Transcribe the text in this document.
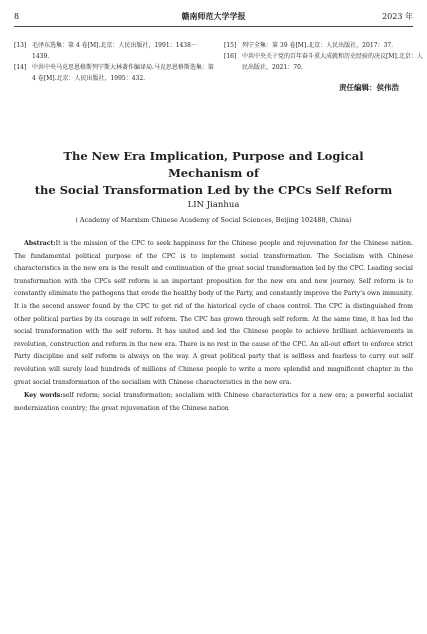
8	赣南师范大学学报	2023 年
[13] 毛泽东选集：第 4 卷[M].北京：人民出版社，1991：1438－1439.
[14] 中共中央马克思恩格斯列宁斯大林著作编译局.马克思恩格斯选集：第 4 卷[M].北京：人民出版社，1995：432.
[15] 列宁全集：第 39 卷[M].北京：人民出版社，2017：37.
[16] 中共中央关于党的百年奋斗重大成就和历史经验的决议[M].北京：人民出版社，2021：70.
责任编辑：侯伟浩
The New Era Implication, Purpose and Logical Mechanism of
the Social Transformation Led by the CPCs Self Reform
LIN Jianhua
( Academy of Marxism Chinese Academy of Social Sciences, Beijing 102488, China)
Abstract:It is the mission of the CPC to seek happiness for the Chinese people and rejuvenation for the Chinese nation. The fundamental political purpose of the CPC is to implement social transformation. The Socialism with Chinese characteristics in the new era is the result and continuation of the great social transformation led by the CPC. Leading social transformation with the CPCs self reform is an important proposition for the new era and new journey. Self reform is to constantly eliminate the pathogens that erode the healthy body of the Party, and constantly improve the Party's own immunity. It is the second answer found by the CPC to get rid of the historical cycle of chaos control. The CPC is distinguished from other political parties by its courage in self reform. The CPC has grown through self reform. At the same time, it has led the social transformation with the self reform. It has united and led the Chinese people to achieve brilliant achievements in revolution, construction and reform in the new era. There is no rest in the cause of the CPC. An all-out effort to enforce strict Party discipline and self reform is always on the way. A great political party that is selfless and fearless to carry out self revolution will surely lead hundreds of millions of Chinese people to write a more splendid and magnificent chapter in the great social transformation of the socialism with Chinese characteristics in the new era.
Key words:self reform; social transformation; socialism with Chinese characteristics for a new era; a powerful socialist modernization country; the great rejuvenation of the Chinese nation
